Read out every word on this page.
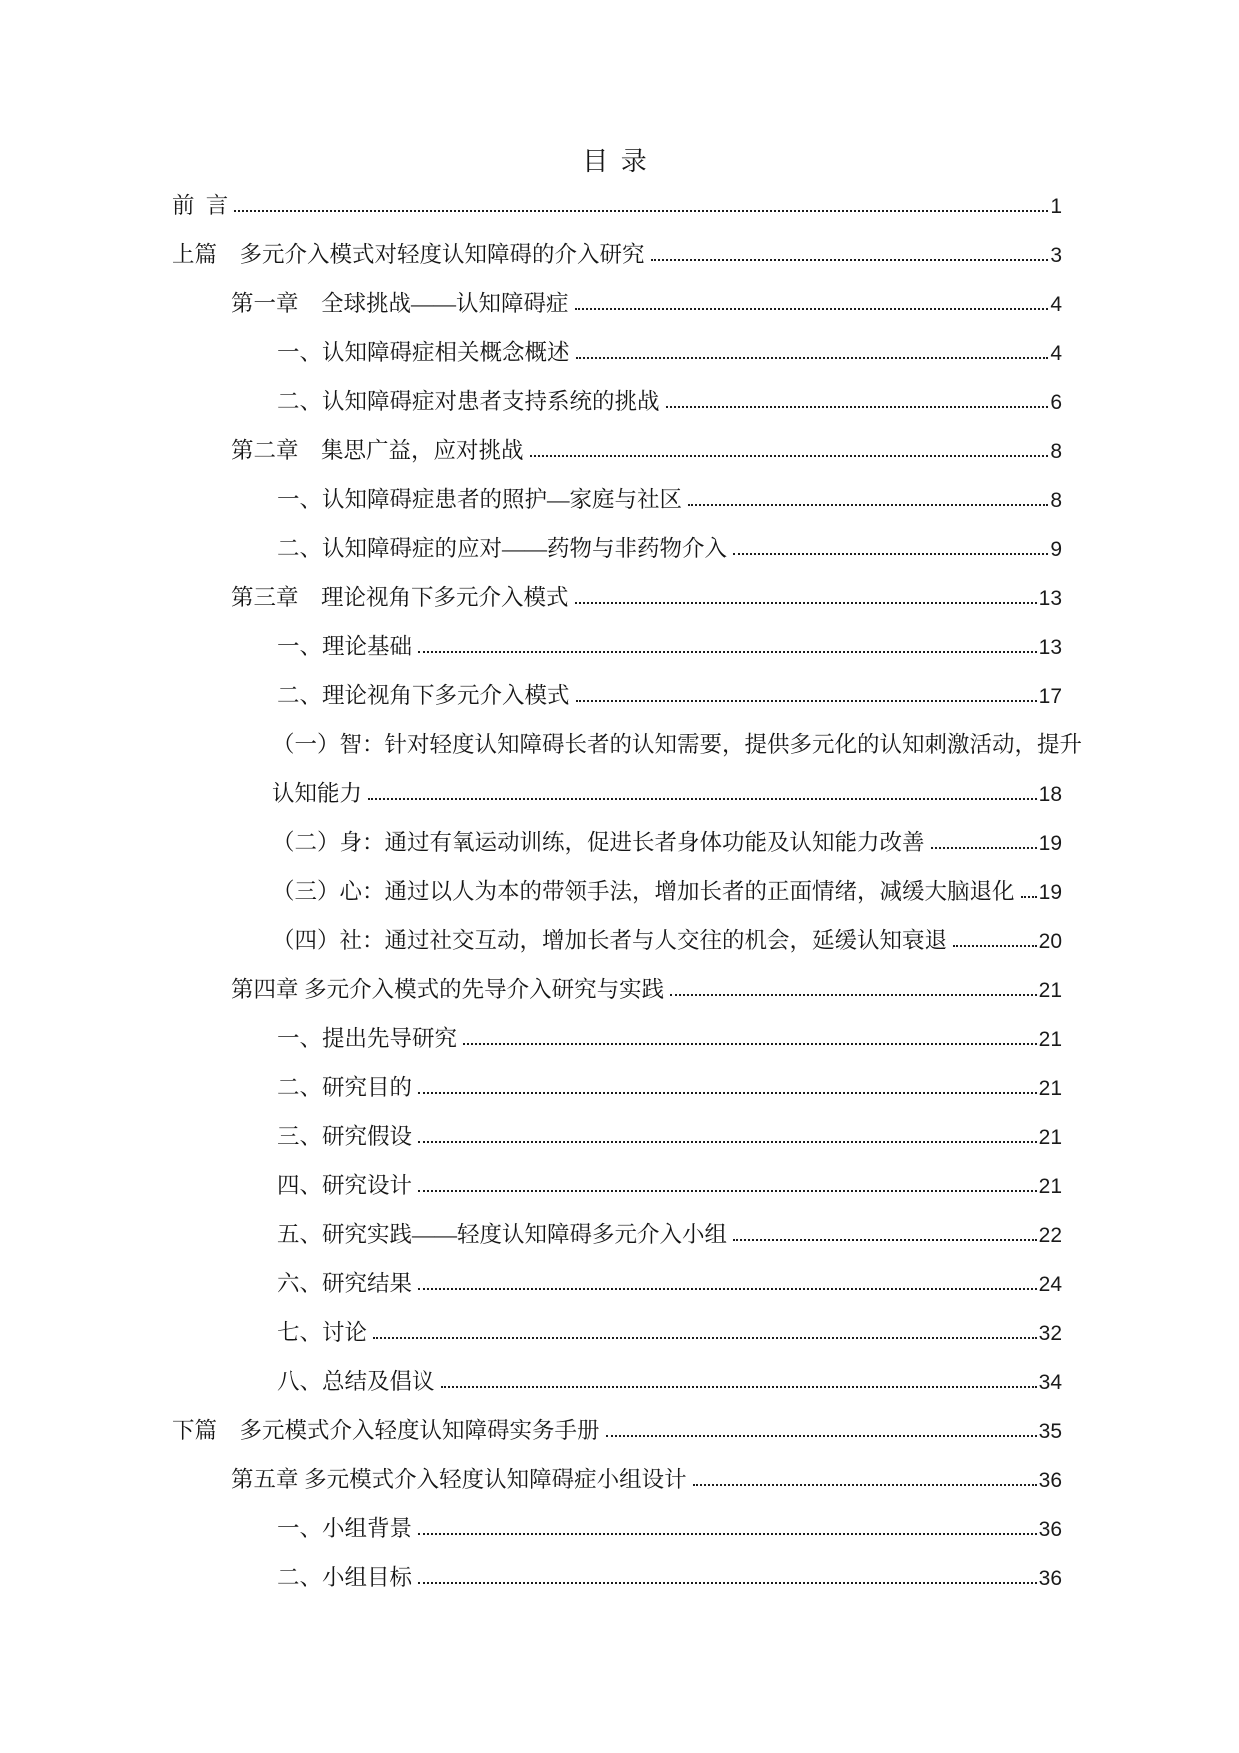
目 录
前  言	1
上篇　多元介入模式对轻度认知障碍的介入研究	3
第一章　全球挑战——认知障碍症	4
一、认知障碍症相关概念概述	4
二、认知障碍症对患者支持系统的挑战	6
第二章　集思广益，应对挑战	8
一、认知障碍症患者的照护—家庭与社区	8
二、认知障碍症的应对——药物与非药物介入	9
第三章　理论视角下多元介入模式	13
一、理论基础	13
二、理论视角下多元介入模式	17
（一）智：针对轻度认知障碍长者的认知需要，提供多元化的认知刺激活动，提升
认知能力	18
（二）身：通过有氧运动训练，促进长者身体功能及认知能力改善	19
（三）心：通过以人为本的带领手法，增加长者的正面情绪，减缓大脑退化 19
（四）社：通过社交互动，增加长者与人交往的机会，延缓认知衰退	20
第四章 多元介入模式的先导介入研究与实践	21
一、提出先导研究	21
二、研究目的	21
三、研究假设	21
四、研究设计	21
五、研究实践——轻度认知障碍多元介入小组	22
六、研究结果	24
七、讨论	32
八、总结及倡议	34
下篇　多元模式介入轻度认知障碍实务手册	35
第五章 多元模式介入轻度认知障碍症小组设计	36
一、小组背景	36
二、小组目标	36
